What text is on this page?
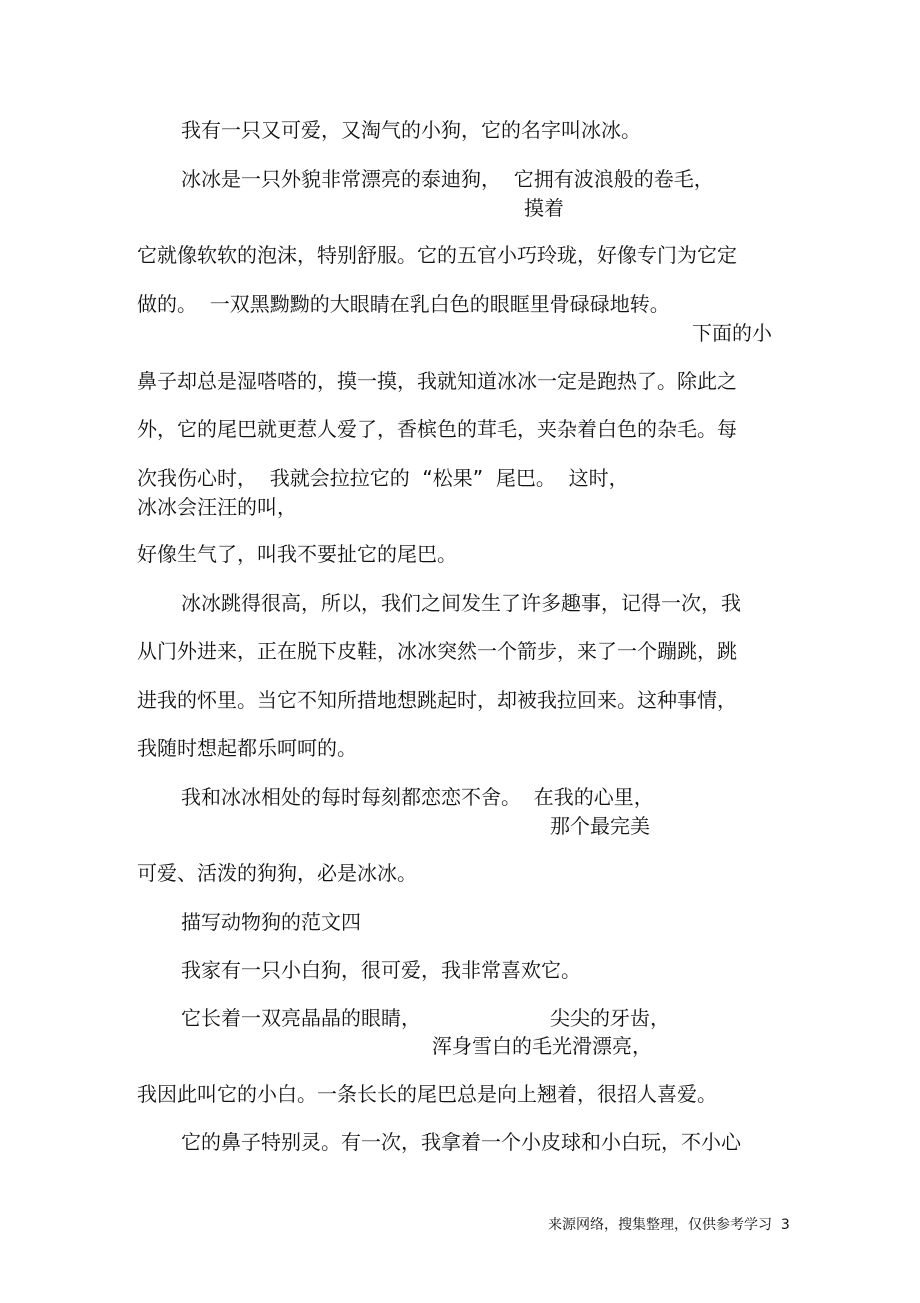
我有一只又可爱，又淘气的小狗，它的名字叫冰冰。

冰冰是一只外貌非常漂亮的泰迪狗，  它拥有波浪般的卷毛，

摸着

它就像软软的泡沫，特别舒服。它的五官小巧玲珑，好像专门为它定

做的。  一双黑黝黝的大眼睛在乳白色的眼眶里骨碌碌地转。

下面的小

鼻子却总是湿嗒嗒的，摸一摸，我就知道冰冰一定是跑热了。除此之

外，它的尾巴就更惹人爱了，香槟色的茸毛，夹杂着白色的杂毛。每

次我伤心时，  我就会拉拉它的  “松果”  尾巴。  这时，

冰冰会汪汪的叫，

好像生气了，叫我不要扯它的尾巴。

冰冰跳得很高，所以，我们之间发生了许多趣事，记得一次，我

从门外进来，正在脱下皮鞋，冰冰突然一个箭步，来了一个蹦跳，跳

进我的怀里。当它不知所措地想跳起时，却被我拉回来。这种事情，

我随时想起都乐呵呵的。

我和冰冰相处的每时每刻都恋恋不舍。  在我的心里，

那个最完美

可爱、活泼的狗狗，必是冰冰。

描写动物狗的范文四

我家有一只小白狗，很可爱，我非常喜欢它。

它长着一双亮晶晶的眼睛，	尖尖的牙齿，

浑身雪白的毛光滑漂亮，

我因此叫它的小白。一条长长的尾巴总是向上翘着，很招人喜爱。

它的鼻子特别灵。有一次，我拿着一个小皮球和小白玩，不小心

来源网络，搜集整理，仅供参考学习  3
